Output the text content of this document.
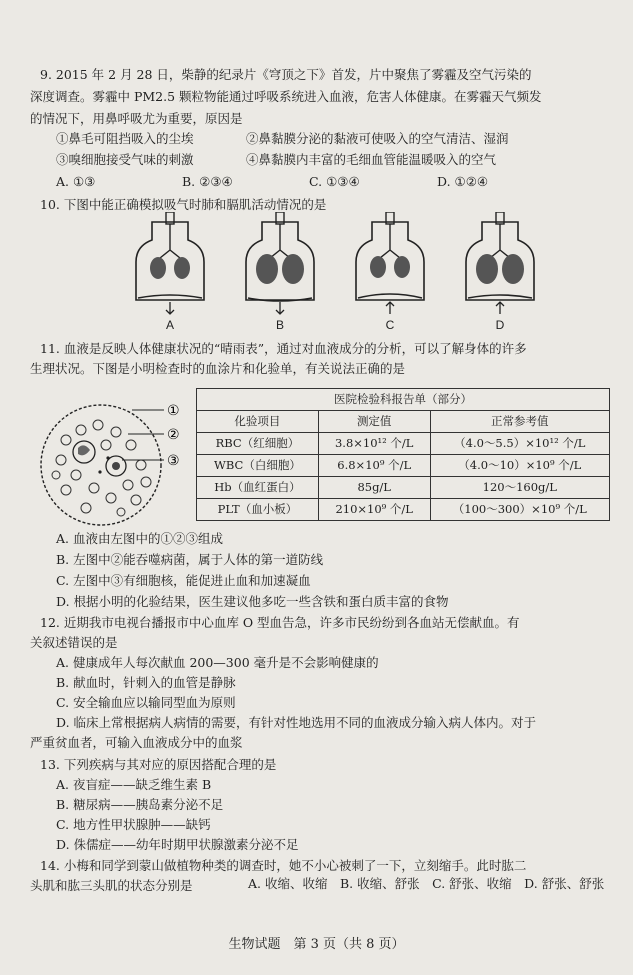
9. 2015 年 2 月 28 日，柴静的纪录片《穹顶之下》首发，片中聚焦了雾霾及空气污染的
深度调查。雾霾中 PM2.5 颗粒物能通过呼吸系统进入血液，危害人体健康。在雾霾天气频发
的情况下，用鼻呼吸尤为重要，原因是
①鼻毛可阻挡吸入的尘埃	②鼻黏膜分泌的黏液可使吸入的空气清洁、湿润
③嗅细胞接受气味的刺激	④鼻黏膜内丰富的毛细血管能温暖吸入的空气
A. ①③	B. ②③④	C. ①③④	D. ①②④
10. 下图中能正确模拟吸气时肺和膈肌活动情况的是
A	B	C	D
11. 血液是反映人体健康状况的“晴雨表”，通过对血液成分的分析，可以了解身体的许多
生理状况。下图是小明检查时的血涂片和化验单，有关说法正确的是
①
②
③
医院检验科报告单（部分）		
化验项目	测定值	正常参考值
RBC（红细胞）	3.8×10¹² 个/L	（4.0～5.5）×10¹² 个/L
WBC（白细胞）	6.8×10⁹ 个/L	（4.0～10）×10⁹ 个/L
Hb（血红蛋白）	85g/L	120～160g/L
PLT（血小板）	210×10⁹ 个/L	（100～300）×10⁹ 个/L
A. 血液由左图中的①②③组成
B. 左图中②能吞噬病菌，属于人体的第一道防线
C. 左图中③有细胞核，能促进止血和加速凝血
D. 根据小明的化验结果，医生建议他多吃一些含铁和蛋白质丰富的食物
12. 近期我市电视台播报市中心血库 O 型血告急，许多市民纷纷到各血站无偿献血。有
关叙述错误的是
A. 健康成年人每次献血 200—300 毫升是不会影响健康的
B. 献血时，针刺入的血管是静脉
C. 安全输血应以输同型血为原则
D. 临床上常根据病人病情的需要，有针对性地选用不同的血液成分输入病人体内。对于
严重贫血者，可输入血液成分中的血浆
13. 下列疾病与其对应的原因搭配合理的是
A. 夜盲症——缺乏维生素 B
B. 糖尿病——胰岛素分泌不足
C. 地方性甲状腺肿——缺钙
D. 侏儒症——幼年时期甲状腺激素分泌不足
14. 小梅和同学到蒙山做植物种类的调查时，她不小心被刺了一下，立刻缩手。此时肱二
头肌和肱三头肌的状态分别是	A. 收缩、收缩　B. 收缩、舒张　C. 舒张、收缩　D. 舒张、舒张
生物试题　第 3 页（共 8 页）
